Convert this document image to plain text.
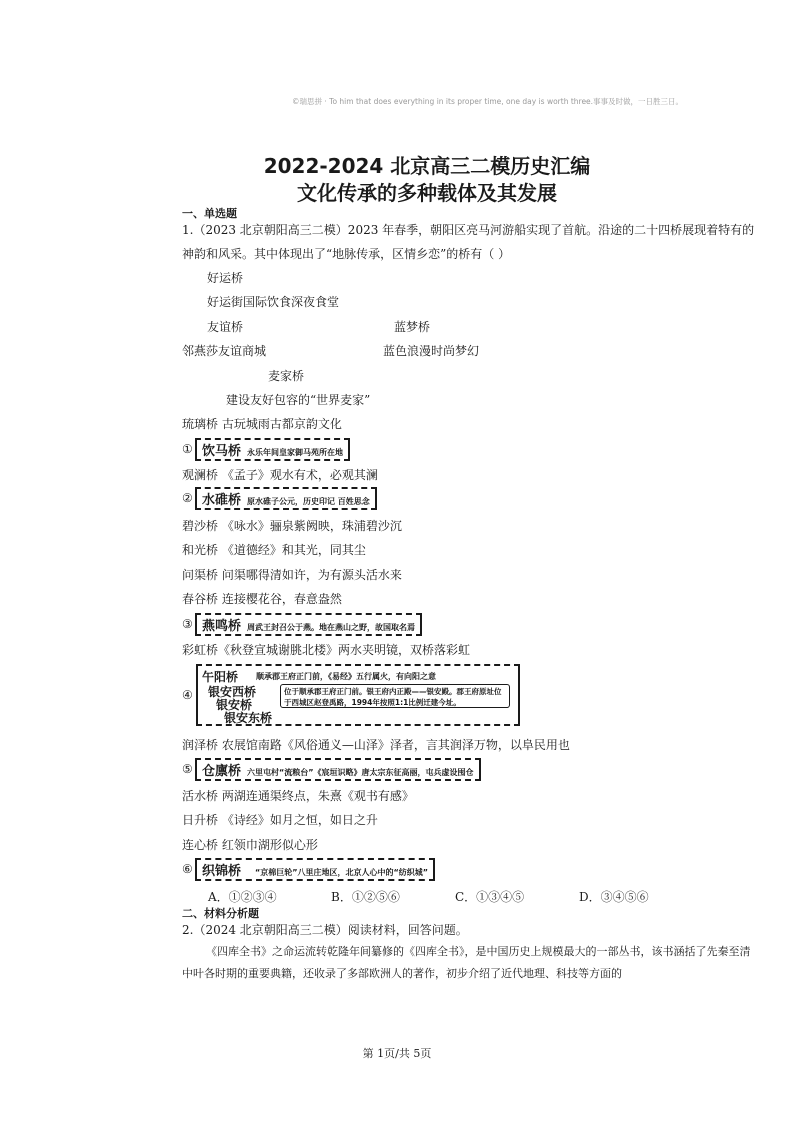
©瑞思拼 · To him that does everything in its proper time, one day is worth three.事事及时做，一日胜三日。
2022-2024 北京高三二模历史汇编
文化传承的多种载体及其发展
一、单选题
1.（2023 北京朝阳高三二模）2023 年春季，朝阳区亮马河游船实现了首航。沿途的二十四桥展现着特有的
神韵和风采。其中体现出了“地脉传承，区情乡恋”的桥有（ ）
好运桥
好运街国际饮食深夜食堂
友谊桥	蓝梦桥
邻燕莎友谊商城	蓝色浪漫时尚梦幻
麦家桥
建设友好包容的“世界麦家”
琉璃桥 古玩城雨古都京韵文化
① 饮马桥 永乐年间皇家御马苑所在地
观澜桥 《孟子》观水有术，必观其澜
② 水碓桥 原水碓子公元，历史印记 百姓思念
碧沙桥 《咏水》骊泉紫阙映，珠浦碧沙沉
和光桥 《道德经》和其光，同其尘
问渠桥 问渠哪得清如许，为有源头活水来
春谷桥 连接樱花谷，春意盎然
③ 燕鸣桥 周武王封召公于燕。地在燕山之野，故国取名焉
彩虹桥《秋登宣城谢朓北楼》两水夹明镜，双桥落彩虹
④
午阳桥 顺承郡王府正门前，《易经》五行属火，有向阳之意
银安西桥
银安桥
银安东桥
位于顺承郡王府正门前。银王府内正殿——银安殿。郡王府原址位于西城区赵登禹路，1994年按照1:1比例迁建今址。
润泽桥 农展馆南路《风俗通义—山泽》泽者，言其润泽万物，以阜民用也
⑤ 仓廪桥 六里屯村“流粮台”《宸垣识略》唐太宗东征高丽，屯兵虚设囤仓
活水桥 两湖连通渠终点，朱熹《观书有感》
日升桥 《诗经》如月之恒，如日之升
连心桥 红领巾湖形似心形
⑥ 织锦桥 “京棉巨轮”八里庄地区，北京人心中的“纺织城”
A．①②③④	B．①②⑤⑥	C．①③④⑤	D．③④⑤⑥
二、材料分析题
2.（2024 北京朝阳高三二模）阅读材料，回答问题。
《四库全书》之命运流转乾隆年间纂修的《四库全书》，是中国历史上规模最大的一部丛书，该书涵括了先秦至清中叶各时期的重要典籍，还收录了多部欧洲人的著作，初步介绍了近代地理、科技等方面的
第 1页/共 5页
